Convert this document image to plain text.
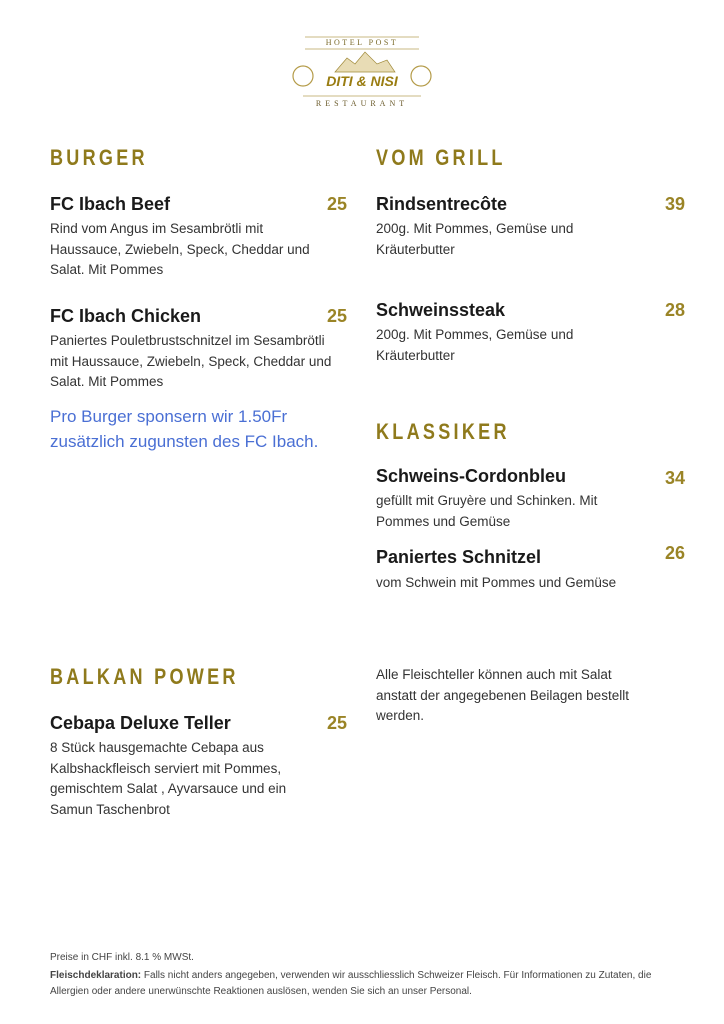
HOTEL POST
DITI & NISI
RESTAURANT
BURGER
FC Ibach Beef	25
Rind vom Angus im Sesambrötli mit Haussauce, Zwiebeln, Speck, Cheddar und Salat. Mit Pommes
FC Ibach Chicken	25
Paniertes Pouletbrustschnitzel im Sesambrötli mit Haussauce, Zwiebeln, Speck, Cheddar und Salat. Mit Pommes
Pro Burger sponsern wir 1.50Fr zusätzlich zugunsten des FC Ibach.
VOM GRILL
Rindsentrecôte	39
200g. Mit Pommes, Gemüse und Kräuterbutter
Schweinssteak	28
200g. Mit Pommes, Gemüse und Kräuterbutter
KLASSIKER
Schweins-Cordonbleu	34
gefüllt mit Gruyère und Schinken. Mit Pommes und Gemüse
Paniertes Schnitzel	26
vom Schwein mit Pommes und Gemüse
BALKAN POWER
Cebapa Deluxe Teller	25
8 Stück hausgemachte Cebapa aus Kalbshackfleisch serviert mit Pommes, gemischtem Salat , Ayvarsauce und ein Samun Taschenbrot
Alle Fleischteller können auch mit Salat anstatt der angegebenen Beilagen bestellt werden.
Preise in CHF inkl. 8.1 % MWSt.
Fleischdeklaration: Falls nicht anders angegeben, verwenden wir ausschliesslich Schweizer Fleisch. Für Informationen zu Zutaten, die Allergien oder andere unerwünschte Reaktionen auslösen, wenden Sie sich an unser Personal.
